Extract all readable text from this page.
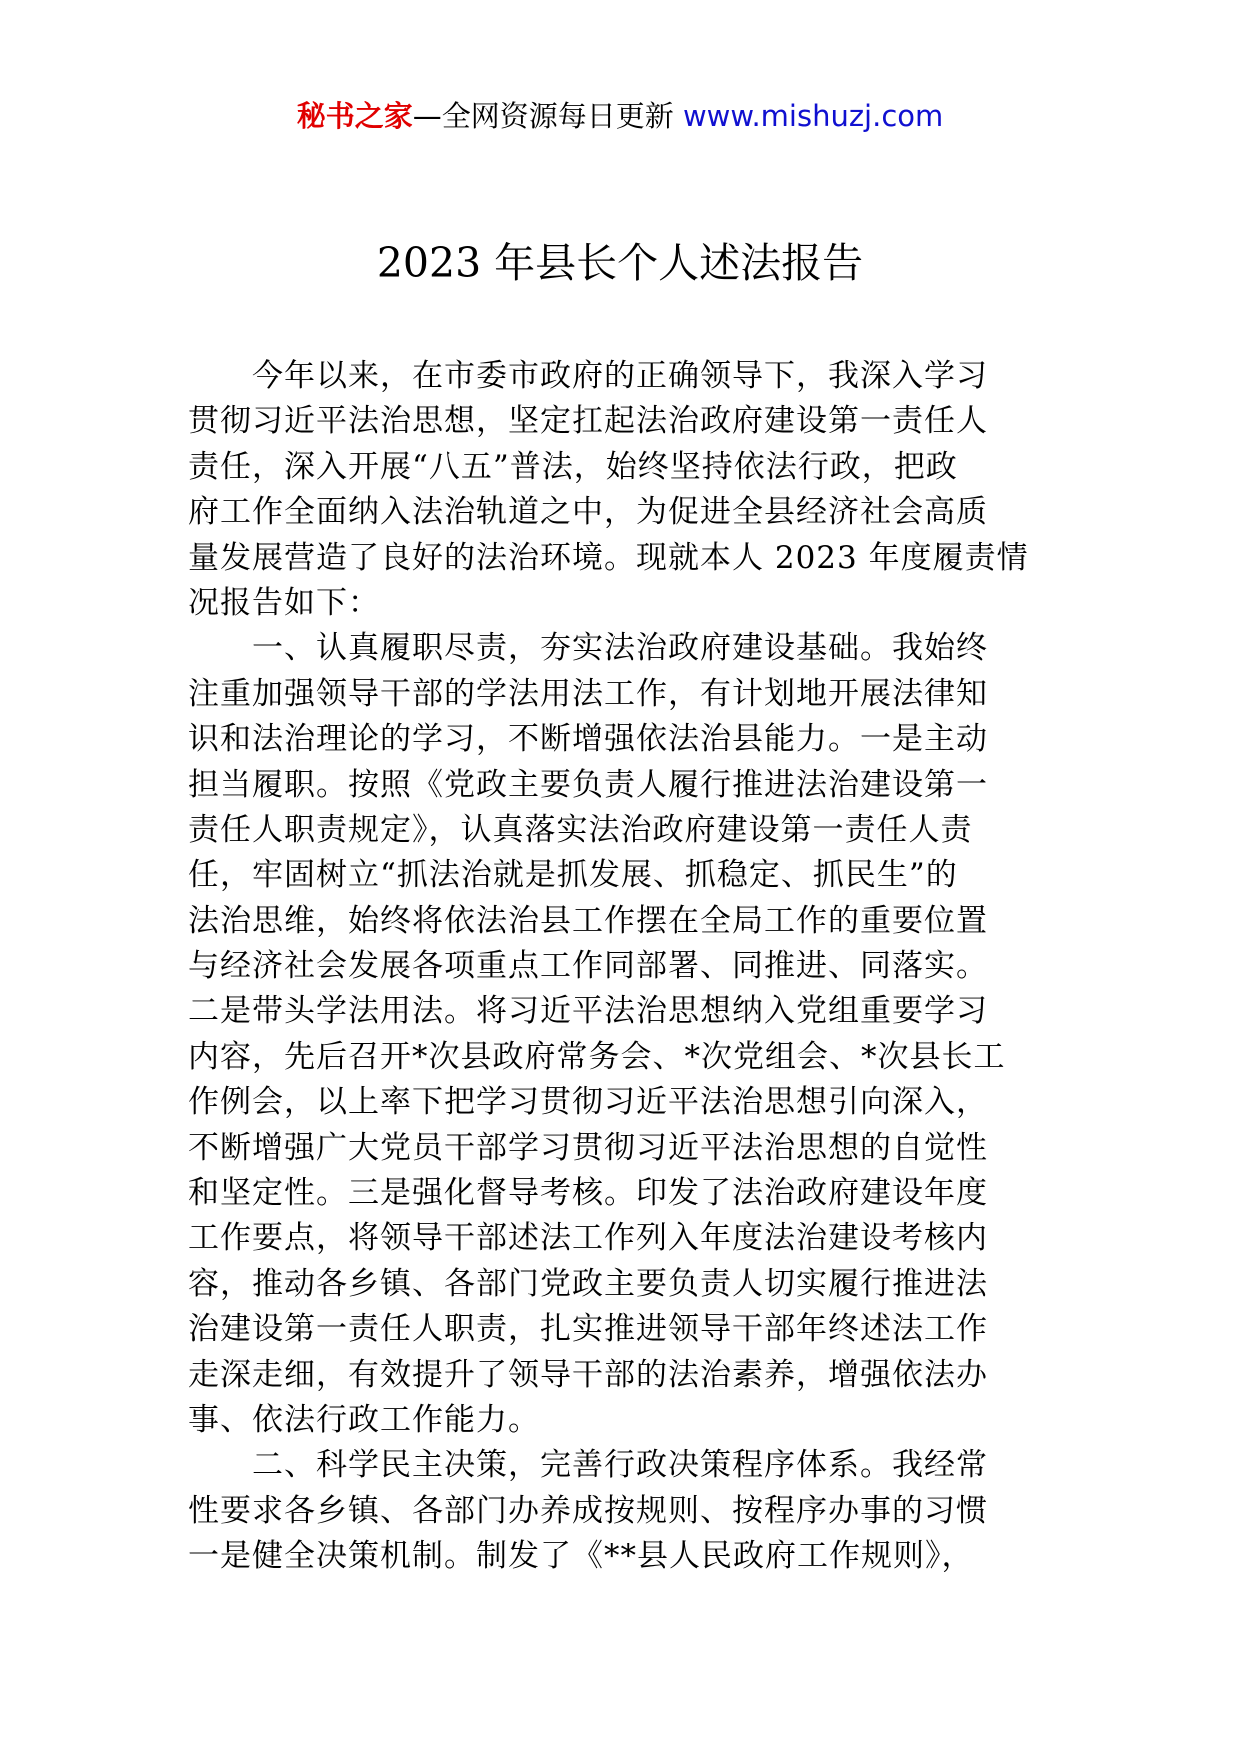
秘书之家—全网资源每日更新 www.mishuzj.com
2023 年县长个人述法报告
　　今年以来，在市委市政府的正确领导下，我深入学习
贯彻习近平法治思想，坚定扛起法治政府建设第一责任人
责任，深入开展“八五”普法，始终坚持依法行政，把政
府工作全面纳入法治轨道之中，为促进全县经济社会高质
量发展营造了良好的法治环境。现就本人 2023 年度履责情
况报告如下：
　　一、认真履职尽责，夯实法治政府建设基础。我始终
注重加强领导干部的学法用法工作，有计划地开展法律知
识和法治理论的学习，不断增强依法治县能力。一是主动
担当履职。按照《党政主要负责人履行推进法治建设第一
责任人职责规定》，认真落实法治政府建设第一责任人责
任，牢固树立“抓法治就是抓发展、抓稳定、抓民生”的
法治思维，始终将依法治县工作摆在全局工作的重要位置
与经济社会发展各项重点工作同部署、同推进、同落实。
二是带头学法用法。将习近平法治思想纳入党组重要学习
内容，先后召开*次县政府常务会、*次党组会、*次县长工
作例会，以上率下把学习贯彻习近平法治思想引向深入，
不断增强广大党员干部学习贯彻习近平法治思想的自觉性
和坚定性。三是强化督导考核。印发了法治政府建设年度
工作要点，将领导干部述法工作列入年度法治建设考核内
容，推动各乡镇、各部门党政主要负责人切实履行推进法
治建设第一责任人职责，扎实推进领导干部年终述法工作
走深走细，有效提升了领导干部的法治素养，增强依法办
事、依法行政工作能力。
　　二、科学民主决策，完善行政决策程序体系。我经常
性要求各乡镇、各部门办养成按规则、按程序办事的习惯
一是健全决策机制。制发了《**县人民政府工作规则》，
